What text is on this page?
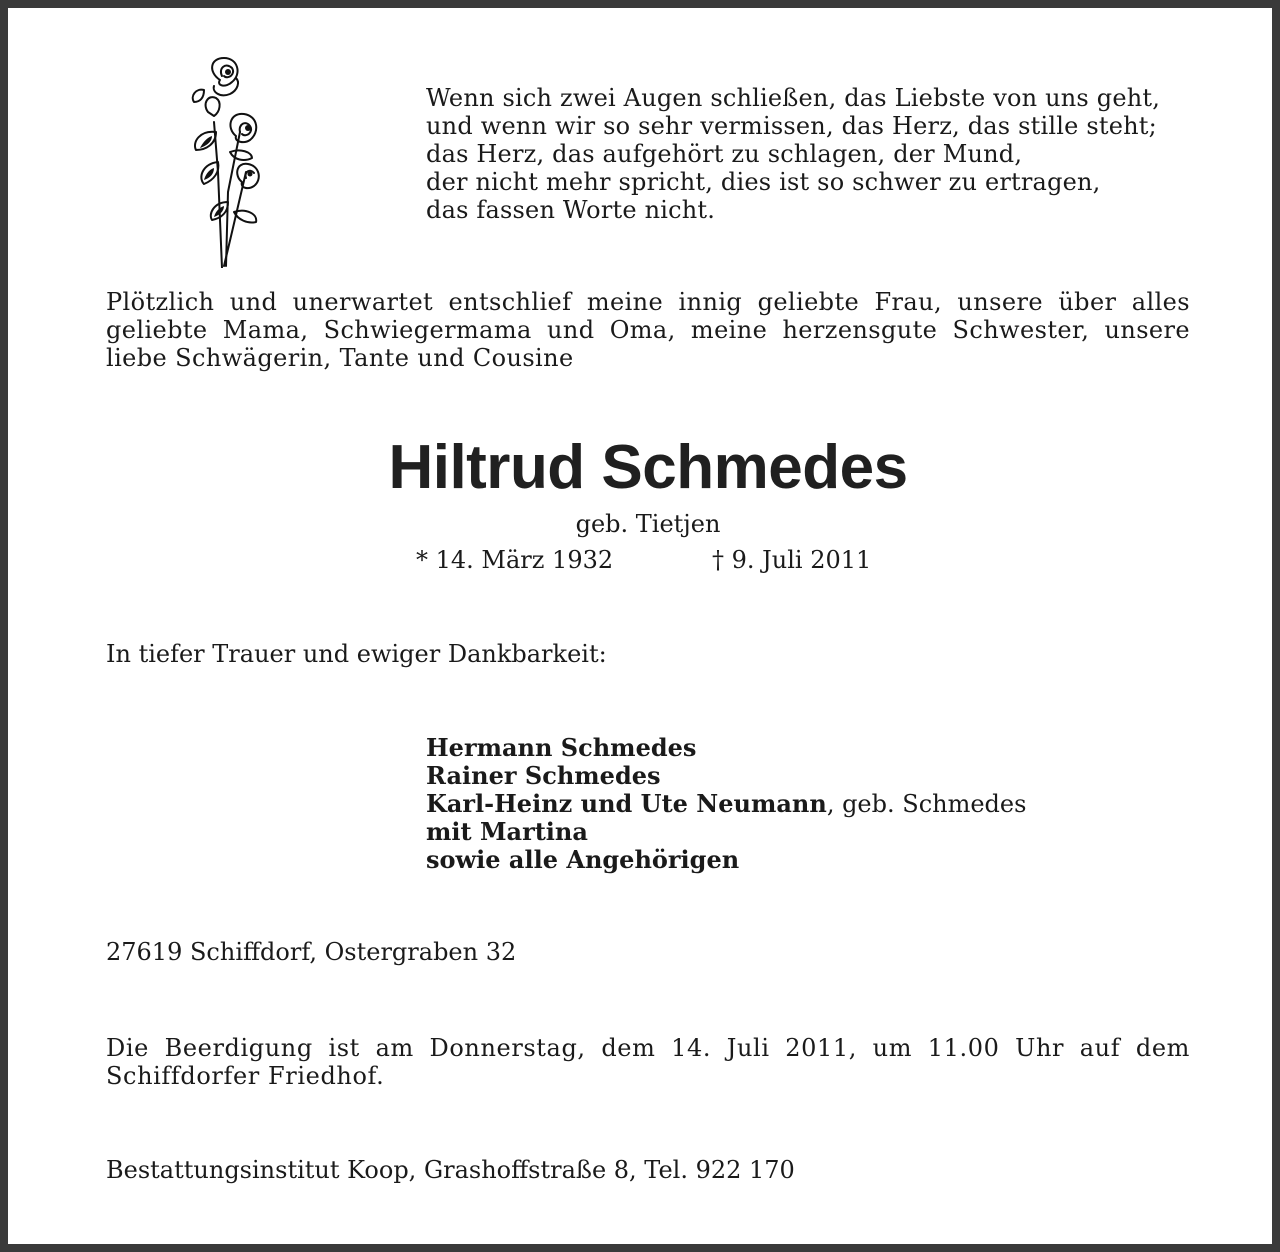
Wenn sich zwei Augen schließen, das Liebste von uns geht,
und wenn wir so sehr vermissen, das Herz, das stille steht;
das Herz, das aufgehört zu schlagen, der Mund,
der nicht mehr spricht, dies ist so schwer zu ertragen,
das fassen Worte nicht.
Plötzlich und unerwartet entschlief meine innig geliebte Frau, unsere über alles geliebte Mama, Schwiegermama und Oma, meine herzensgute Schwester, unsere liebe Schwägerin, Tante und Cousine
Hiltrud Schmedes
geb. Tietjen
* 14. März 1932	† 9. Juli 2011
In tiefer Trauer und ewiger Dankbarkeit:
Hermann Schmedes
Rainer Schmedes
Karl-Heinz und Ute Neumann, geb. Schmedes
mit Martina
sowie alle Angehörigen
27619 Schiffdorf, Ostergraben 32
Die Beerdigung ist am Donnerstag, dem 14. Juli 2011, um 11.00 Uhr auf dem Schiffdorfer Friedhof.
Bestattungsinstitut Koop, Grashoffstraße 8, Tel. 922 170
